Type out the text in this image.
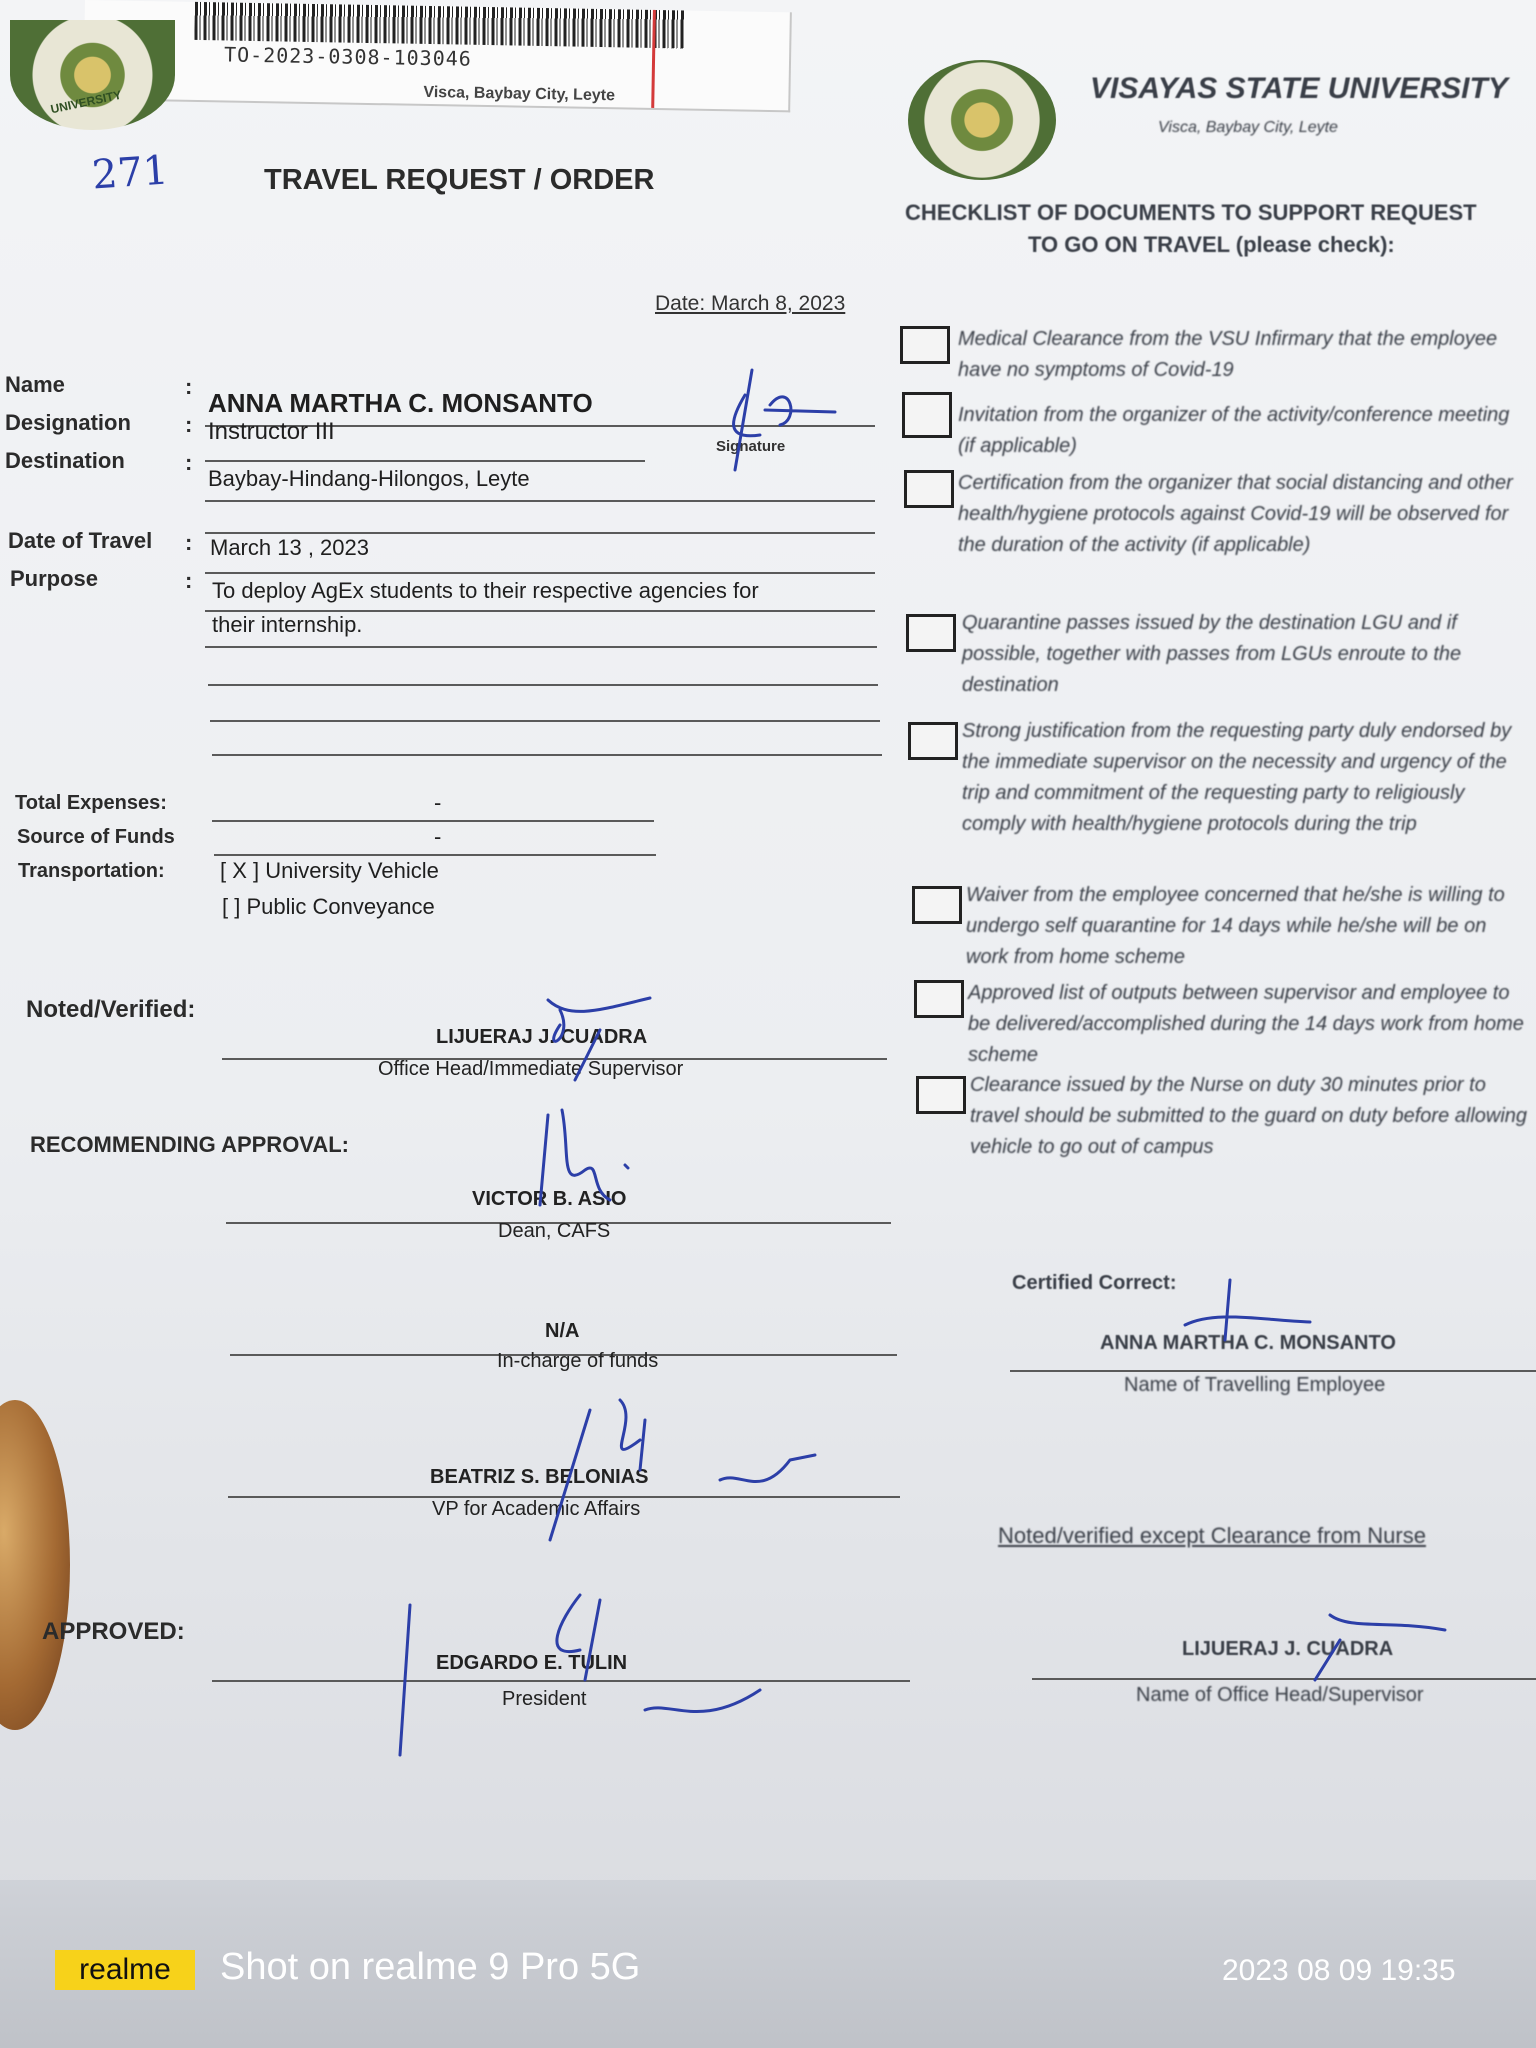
TO-2023-0308-103046
Visca, Baybay City, Leyte
UNIVERSITY	VISAYAS STATE UNIVERSITY
Visca, Baybay City, Leyte
271	TRAVEL REQUEST / ORDER
CHECKLIST OF DOCUMENTS TO SUPPORT REQUEST
TO GO ON TRAVEL (please check):
Date: March 8, 2023
Name	:
ANNA MARTHA C. MONSANTO
Signature
Designation : Instructor III
Destination	:
Baybay-Hindang-Hilongos, Leyte
Date of Travel : March 13 , 2023
Purpose	: To deploy AgEx students to their respective agencies for
their internship.
Total Expenses:	-
Source of Funds	-
Transportation:	[ X ] University Vehicle
[ ] Public Conveyance
Noted/Verified:
LIJUERAJ J. CUADRA
Office Head/Immediate Supervisor
RECOMMENDING APPROVAL:
VICTOR B. ASIO
Dean, CAFS
N/A
In-charge of funds
BEATRIZ S. BELONIAS
VP for Academic Affairs
APPROVED:
EDGARDO E. TULIN
President
Medical Clearance from the VSU Infirmary that the employee have no symptoms of Covid-19
Invitation from the organizer of the activity/conference meeting (if applicable)
Certification from the organizer that social distancing and other health/hygiene protocols against Covid-19 will be observed for the duration of the activity (if applicable)
Quarantine passes issued by the destination LGU and if possible, together with passes from LGUs enroute to the destination
Strong justification from the requesting party duly endorsed by the immediate supervisor on the necessity and urgency of the trip and commitment of the requesting party to religiously comply with health/hygiene protocols during the trip
Waiver from the employee concerned that he/she is willing to undergo self quarantine for 14 days while he/she will be on work from home scheme
Approved list of outputs between supervisor and employee to be delivered/accomplished during the 14 days work from home scheme
Clearance issued by the Nurse on duty 30 minutes prior to travel should be submitted to the guard on duty before allowing vehicle to go out of campus
Certified Correct:
ANNA MARTHA C. MONSANTO
Name of Travelling Employee
Noted/verified except Clearance from Nurse
LIJUERAJ J. CUADRA
Name of Office Head/Supervisor
realme	Shot on realme 9 Pro 5G	2023 08 09 19:35
